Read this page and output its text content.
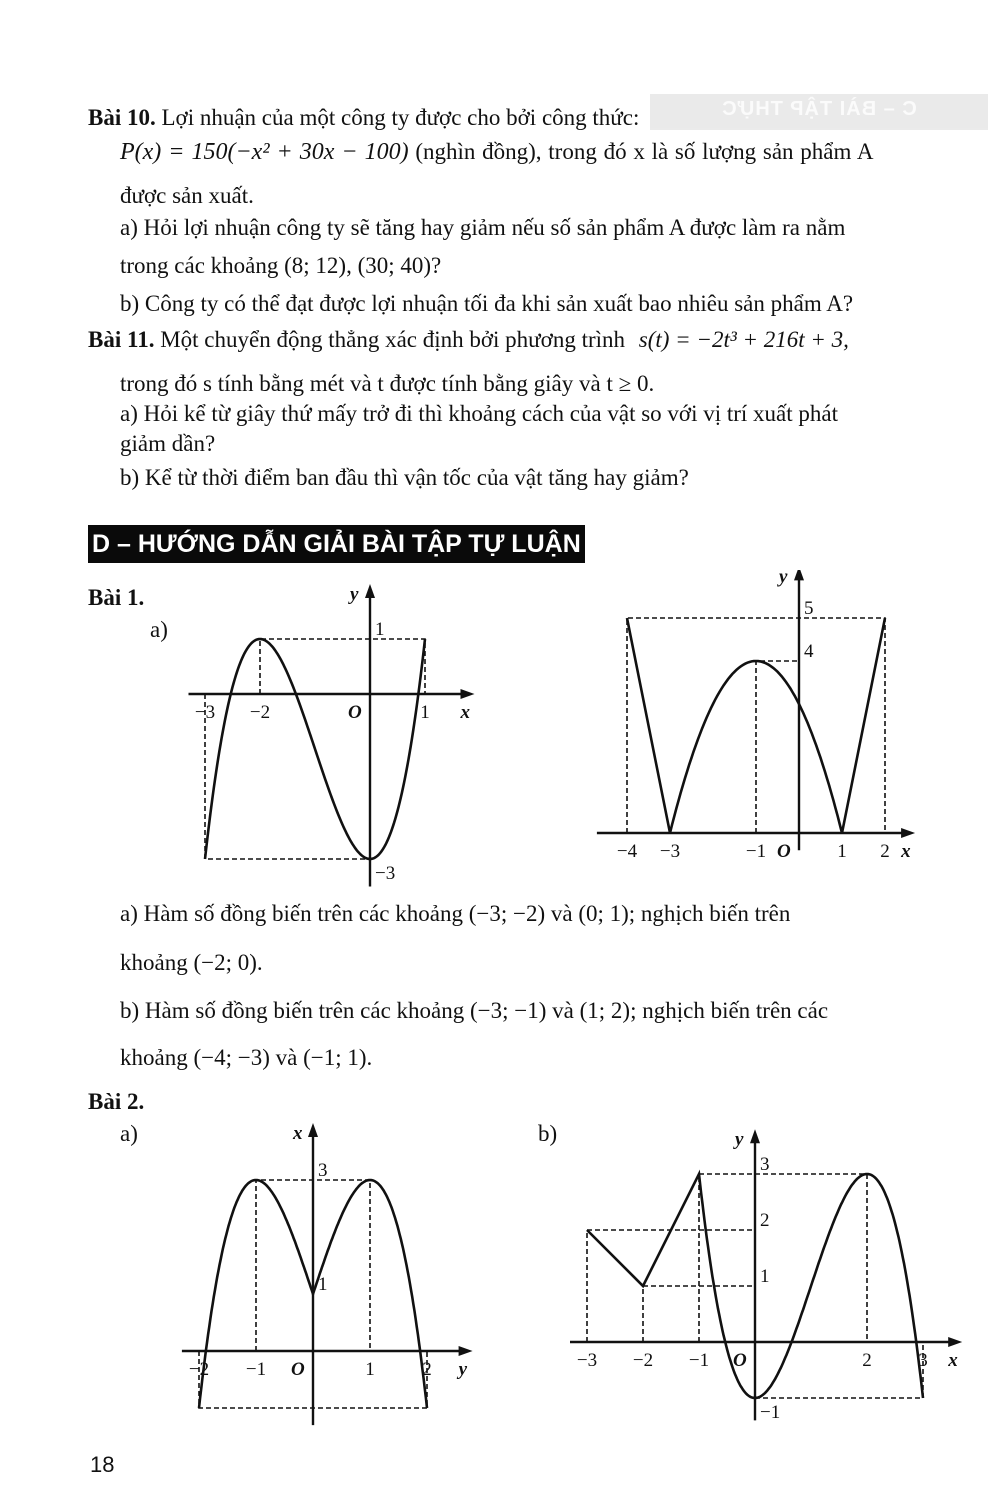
C – BÀI TẬP THỰC
Bài 10. Lợi nhuận của một công ty được cho bởi công thức:
P(x) = 150(−x² + 30x − 100) (nghìn đồng), trong đó x là số lượng sản phẩm A
được sản xuất.
a) Hỏi lợi nhuận công ty sẽ tăng hay giảm nếu số sản phẩm A được làm ra nằm
trong các khoảng (8; 12), (30; 40)?
b) Công ty có thể đạt được lợi nhuận tối đa khi sản xuất bao nhiêu sản phẩm A?
Bài 11. Một chuyển động thẳng xác định bởi phương trình s(t) = −2t³ + 216t + 3,
trong đó s tính bằng mét và t được tính bằng giây và t ≥ 0.
a) Hỏi kể từ giây thứ mấy trở đi thì khoảng cách của vật so với vị trí xuất phát
giảm dần?
b) Kể từ thời điểm ban đầu thì vận tốc của vật tăng hay giảm?
D – HƯỚNG DẪN GIẢI BÀI TẬP TỰ LUẬN
Bài 1.
a)
x
y
O
−3 −2	1
1
−3
x
y
O
−4 −3	−1	1 2
5
4
a) Hàm số đồng biến trên các khoảng (−3; −2) và (0; 1); nghịch biến trên
khoảng (−2; 0).
b) Hàm số đồng biến trên các khoảng (−3; −1) và (1; 2); nghịch biến trên các
khoảng (−4; −3) và (−1; 1).
Bài 2.
a)	b)
y
x
O
−2 −1	1	2
3
1
x
y
O
−3 −2 −1	2 3
3
2
1
−1
18
